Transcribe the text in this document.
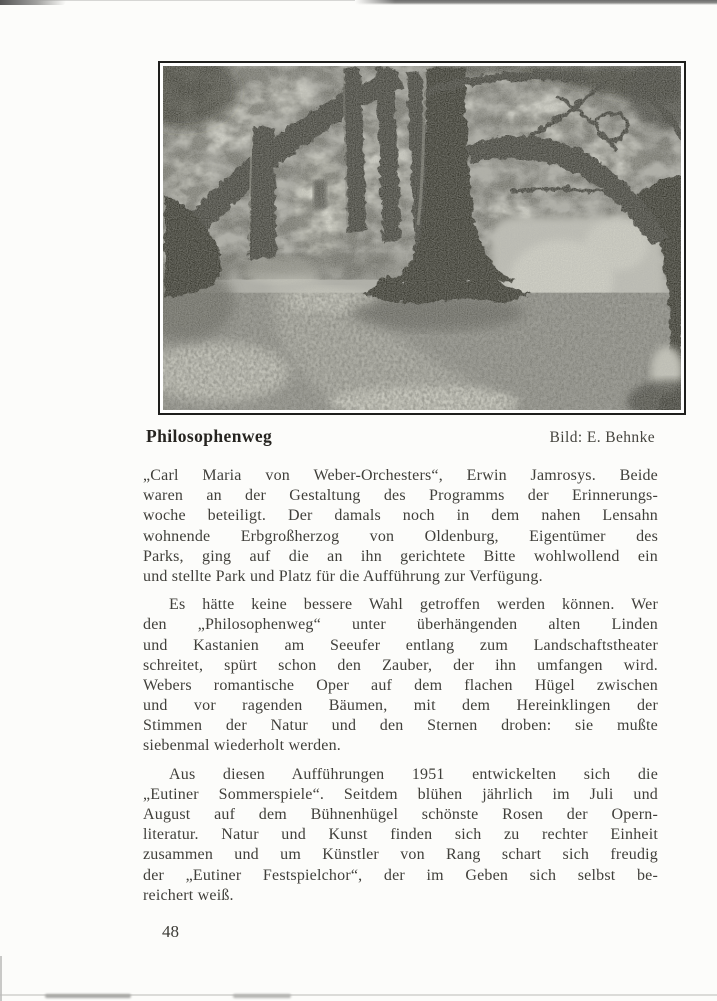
Philosophenweg	Bild: E. Behnke
„Carl Maria von Weber-Orchesters“, Erwin Jamrosys. Beide
waren an der Gestaltung des Programms der Erinnerungs-
woche beteiligt. Der damals noch in dem nahen Lensahn
wohnende Erbgroßherzog von Oldenburg, Eigentümer des
Parks, ging auf die an ihn gerichtete Bitte wohlwollend ein
und stellte Park und Platz für die Aufführung zur Verfügung.
Es hätte keine bessere Wahl getroffen werden können. Wer
den „Philosophenweg“ unter überhängenden alten Linden
und Kastanien am Seeufer entlang zum Landschaftstheater
schreitet, spürt schon den Zauber, der ihn umfangen wird.
Webers romantische Oper auf dem flachen Hügel zwischen
und vor ragenden Bäumen, mit dem Hereinklingen der
Stimmen der Natur und den Sternen droben: sie mußte
siebenmal wiederholt werden.
Aus diesen Aufführungen 1951 entwickelten sich die
„Eutiner Sommerspiele“. Seitdem blühen jährlich im Juli und
August auf dem Bühnenhügel schönste Rosen der Opern-
literatur. Natur und Kunst finden sich zu rechter Einheit
zusammen und um Künstler von Rang schart sich freudig
der „Eutiner Festspielchor“, der im Geben sich selbst be-
reichert weiß.
48
